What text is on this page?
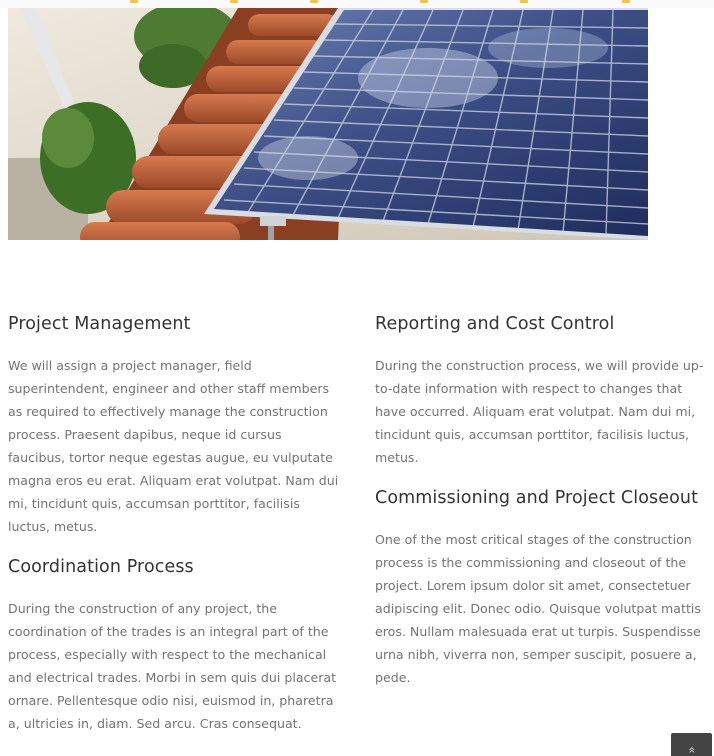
Project Management

We will assign a project manager, field superintendent, engineer and other staff members as required to effectively manage the construction process. Praesent dapibus, neque id cursus faucibus, tortor neque egestas augue, eu vulputate magna eros eu erat. Aliquam erat volutpat. Nam dui mi, tincidunt quis, accumsan porttitor, facilisis luctus, metus.

Coordination Process

During the construction of any project, the coordination of the trades is an integral part of the process, especially with respect to the mechanical and electrical trades. Morbi in sem quis dui placerat ornare. Pellentesque odio nisi, euismod in, pharetra a, ultricies in, diam. Sed arcu. Cras consequat.

Reporting and Cost Control

During the construction process, we will provide up-to-date information with respect to changes that have occurred. Aliquam erat volutpat. Nam dui mi, tincidunt quis, accumsan porttitor, facilisis luctus, metus.

Commissioning and Project Closeout

One of the most critical stages of the construction process is the commissioning and closeout of the project. Lorem ipsum dolor sit amet, consectetuer adipiscing elit. Donec odio. Quisque volutpat mattis eros. Nullam malesuada erat ut turpis. Suspendisse urna nibh, viverra non, semper suscipit, posuere a, pede.

»
